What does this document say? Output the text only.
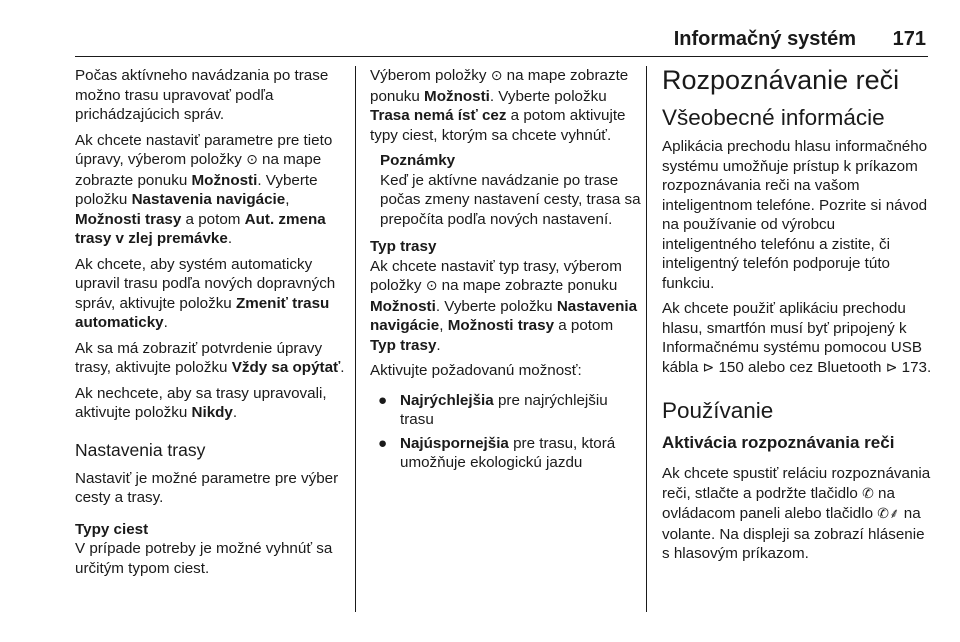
Informačný systém 171

Počas aktívneho navádzania po trase možno trasu upravovať podľa prichádzajúcich správ.

Ak chcete nastaviť parametre pre tieto úpravy, výberom položky ⊙ na mape zobrazte ponuku Možnosti. Vyberte položku Nastavenia navigácie, Možnosti trasy a potom Aut. zmena trasy v zlej premávke.

Ak chcete, aby systém automaticky upravil trasu podľa nových dopravných správ, aktivujte položku Zmeniť trasu automaticky.

Ak sa má zobraziť potvrdenie úpravy trasy, aktivujte položku Vždy sa opýtať.

Ak nechcete, aby sa trasy upravovali, aktivujte položku Nikdy.

Nastavenia trasy

Nastaviť je možné parametre pre výber cesty a trasy.

Typy ciest

V prípade potreby je možné vyhnúť sa určitým typom ciest.

Výberom položky ⊙ na mape zobrazte ponuku Možnosti. Vyberte položku Trasa nemá ísť cez a potom aktivujte typy ciest, ktorým sa chcete vyhnúť.

Poznámky
Keď je aktívne navádzanie po trase počas zmeny nastavení cesty, trasa sa prepočíta podľa nových nastavení.
Typ trasy

Ak chcete nastaviť typ trasy, výberom položky ⊙ na mape zobrazte ponuku Možnosti. Vyberte položku Nastavenia navigácie, Možnosti trasy a potom Typ trasy.

Aktivujte požadovanú možnosť:

● Najrýchlejšia pre najrýchlejšiu trasu
● Najúspornejšia pre trasu, ktorá umožňuje ekologickú jazdu
Rozpoznávanie reči
Všeobecné informácie

Aplikácia prechodu hlasu informačného systému umožňuje prístup k príkazom rozpoznávania reči na vašom inteligentnom telefóne. Pozrite si návod na používanie od výrobcu inteligentného telefónu a zistite, či inteligentný telefón podporuje túto funkciu.

Ak chcete použiť aplikáciu prechodu hlasu, smartfón musí byť pripojený k Informačnému systému pomocou USB kábla ⊳ 150 alebo cez Bluetooth ⊳ 173.

Používanie
Aktivácia rozpoznávania reči

Ak chcete spustiť reláciu rozpoznávania reči, stlačte a podržte tlačidlo ✆ na ovládacom paneli alebo tlačidlo ✆⸙ na volante. Na displeji sa zobrazí hlásenie s hlasovým príkazom.
